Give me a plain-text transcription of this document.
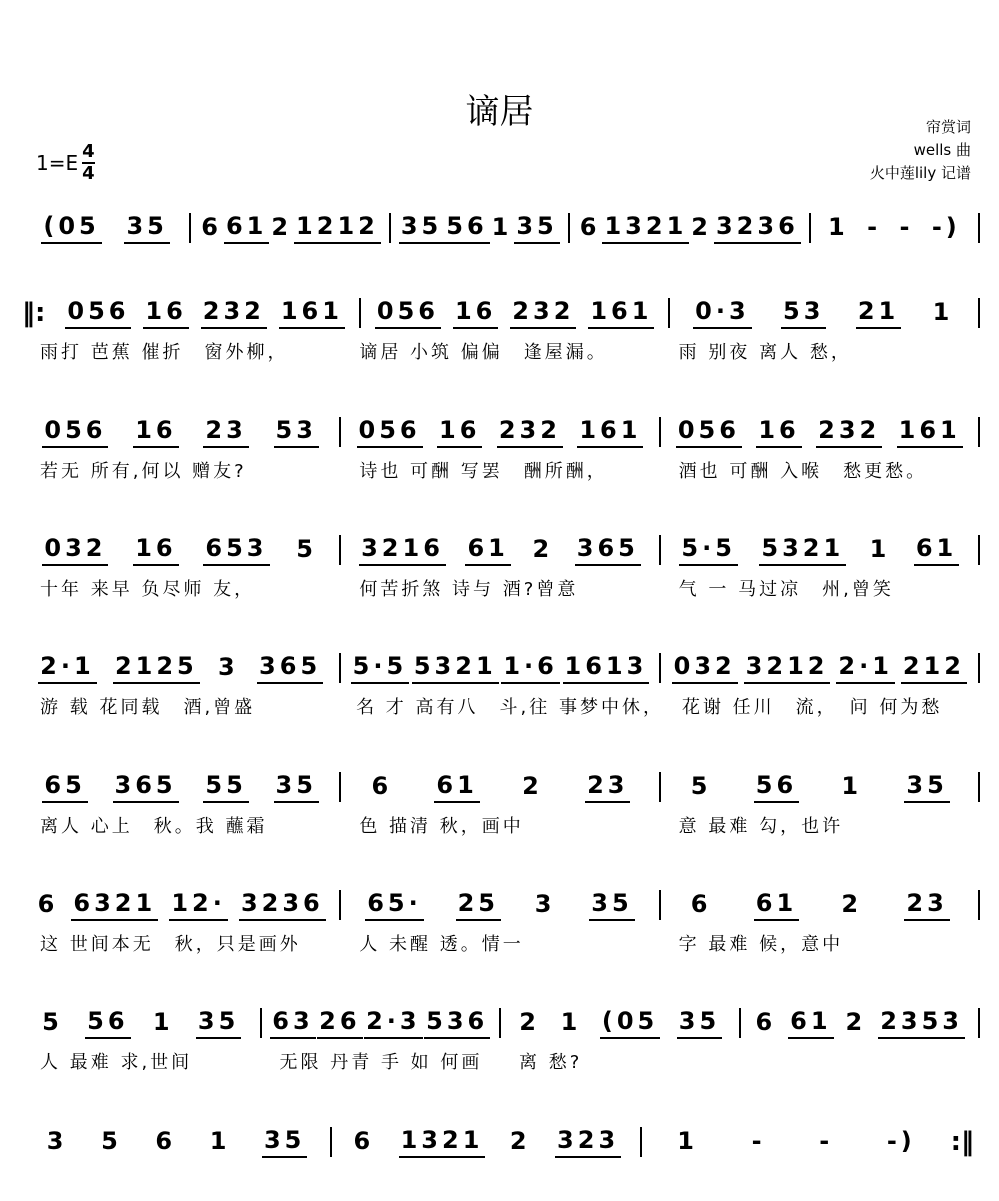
谪居	帘赏词
wells 曲
火中莲lily 记谱
$1=E \frac{4}{4}$
(05 35 6 61 2 1212 35 56 1 35 6 1321 2 3236 1 - - -)
‖: 056 16 232 161 056 16 232 161 0·3 53 21 1
雨打 芭蕉 催折　窗外柳，	谪居 小筑 偏偏　逢屋漏。	雨 别夜 离人 愁，
056 16 23 53 056 16 232 161 056 16 232 161
若无 所有,何以 赠友?	诗也 可酬 写罢　酬所酬，	酒也 可酬 入喉　愁更愁。
032 16 653 5 3216 61 2 365 5·5 5321 1 61
十年 来早 负尽师 友，	何苦折煞 诗与 酒?曾意	气 一 马过凉　州,曾笑
2·1 2125 3 365 5·5 5321 1·6 1613 032 3212 2·1 212
游 载 花同载　酒,曾盛	名 才 高有八　斗,往 事梦中休，	花谢 任川　流，　问 何为愁
65 365 55 35 6 61 2 23	5 56 1 35
离人 心上　秋。我 蘸霜	色 描清 秋，画中	意 最难 勾，也许
6 6321 12· 3236 65· 25 3 35 6 61 2 23
这 世间本无　秋，只是画外	人 未醒 透。情一	字 最难 候，意中
5 56 1 35 63 26 2·3 536 2 1 (05 35 6 61 2 2353
人 最难 求,世间	无限 丹青 手 如 何画	离 愁?
3 5 6 1 35 6 1321 2 323 1 - - -) :‖
